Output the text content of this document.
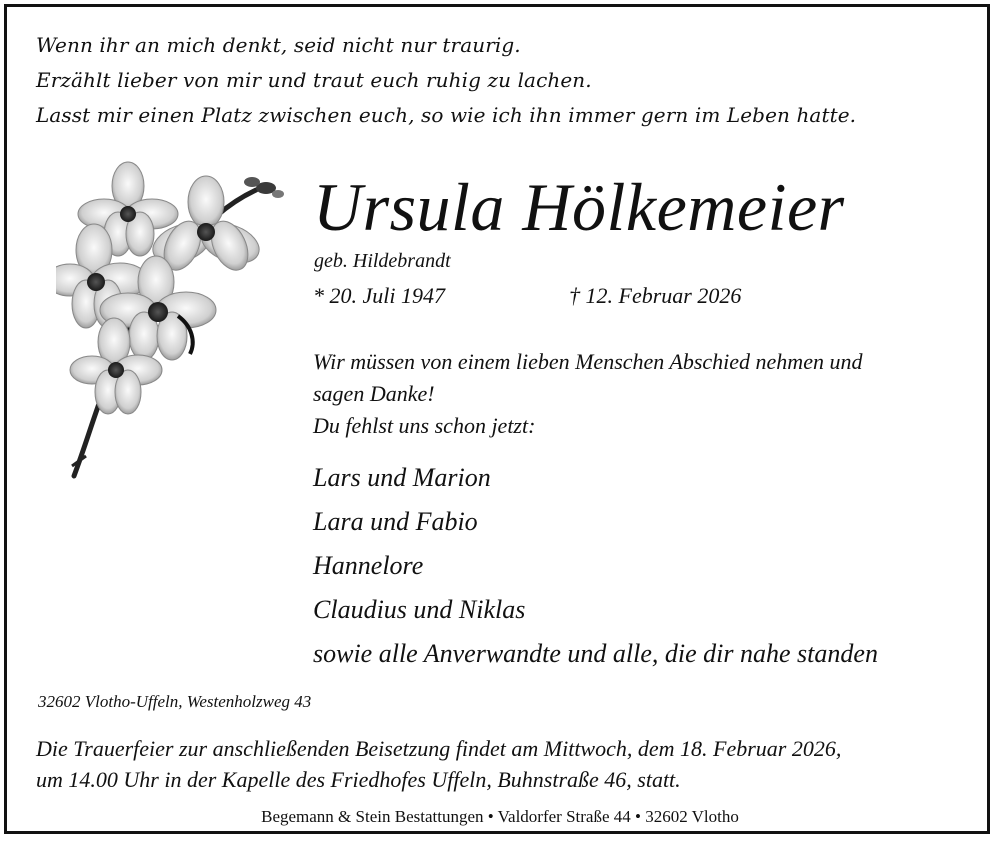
Wenn ihr an mich denkt, seid nicht nur traurig.
Erzählt lieber von mir und traut euch ruhig zu lachen.
Lasst mir einen Platz zwischen euch, so wie ich ihn immer gern im Leben hatte.
Ursula Hölkemeier
geb. Hildebrandt
* 20. Juli 1947	† 12. Februar 2026
Wir müssen von einem lieben Menschen Abschied nehmen und
sagen Danke!
Du fehlst uns schon jetzt:
Lars und Marion
Lara und Fabio
Hannelore
Claudius und Niklas
sowie alle Anverwandte und alle, die dir nahe standen
32602 Vlotho-Uffeln, Westenholzweg 43
Die Trauerfeier zur anschließenden Beisetzung findet am Mittwoch, dem 18. Februar 2026,
um 14.00 Uhr in der Kapelle des Friedhofes Uffeln, Buhnstraße 46, statt.
Begemann & Stein Bestattungen • Valdorfer Straße 44 • 32602 Vlotho
